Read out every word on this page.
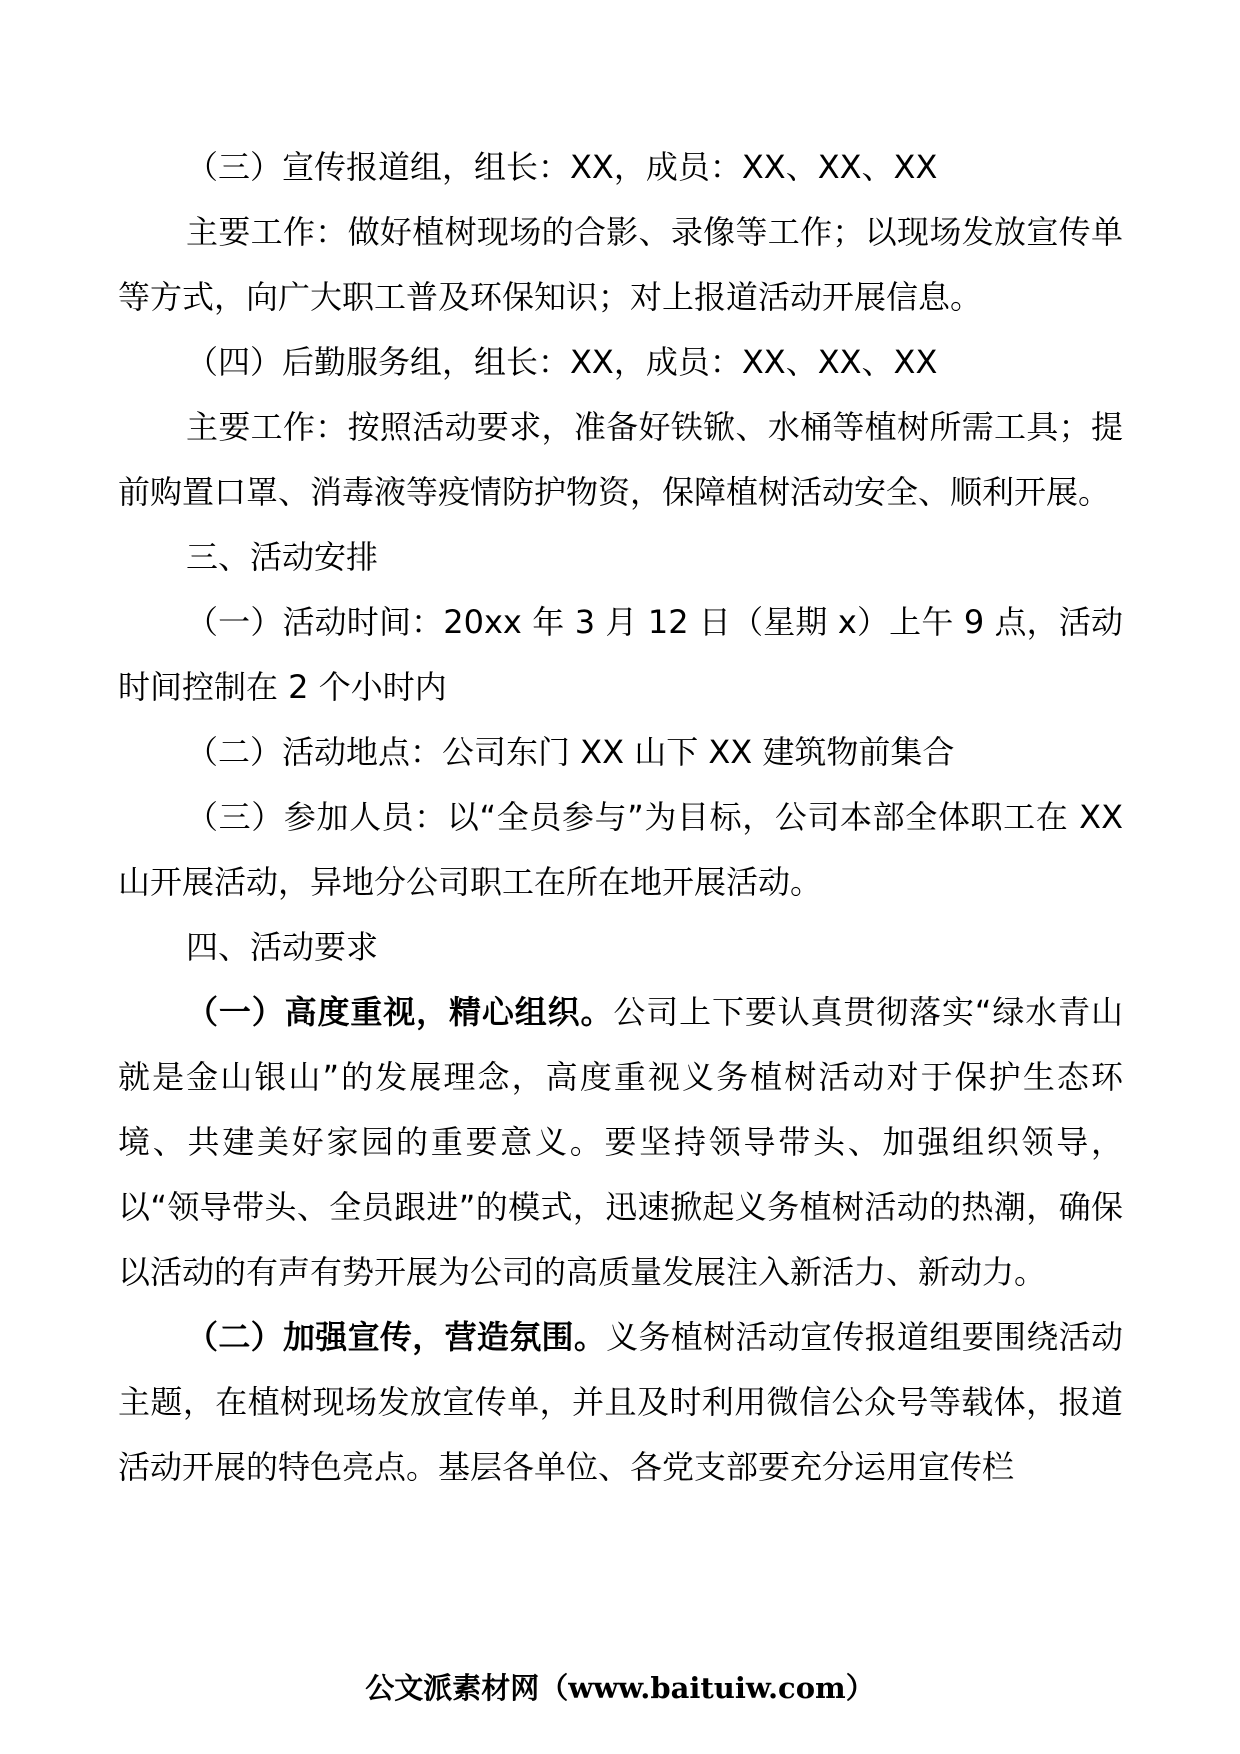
（三）宣传报道组，组长：XX，成员：XX、XX、XX

主要工作：做好植树现场的合影、录像等工作；以现场发放宣传单等方式，向广大职工普及环保知识；对上报道活动开展信息。

（四）后勤服务组，组长：XX，成员：XX、XX、XX

主要工作：按照活动要求，准备好铁锨、水桶等植树所需工具；提前购置口罩、消毒液等疫情防护物资，保障植树活动安全、顺利开展。

三、活动安排

（一）活动时间：20xx 年 3 月 12 日（星期 x）上午 9 点，活动时间控制在 2 个小时内

（二）活动地点：公司东门 XX 山下 XX 建筑物前集合

（三）参加人员：以“全员参与”为目标，公司本部全体职工在 XX 山开展活动，异地分公司职工在所在地开展活动。

四、活动要求

（一）高度重视，精心组织。公司上下要认真贯彻落实“绿水青山就是金山银山”的发展理念，高度重视义务植树活动对于保护生态环境、共建美好家园的重要意义。要坚持领导带头、加强组织领导，以“领导带头、全员跟进”的模式，迅速掀起义务植树活动的热潮，确保以活动的有声有势开展为公司的高质量发展注入新活力、新动力。

（二）加强宣传，营造氛围。义务植树活动宣传报道组要围绕活动主题，在植树现场发放宣传单，并且及时利用微信公众号等载体，报道活动开展的特色亮点。基层各单位、各党支部要充分运用宣传栏

公文派素材网（www.baituiw.com）
